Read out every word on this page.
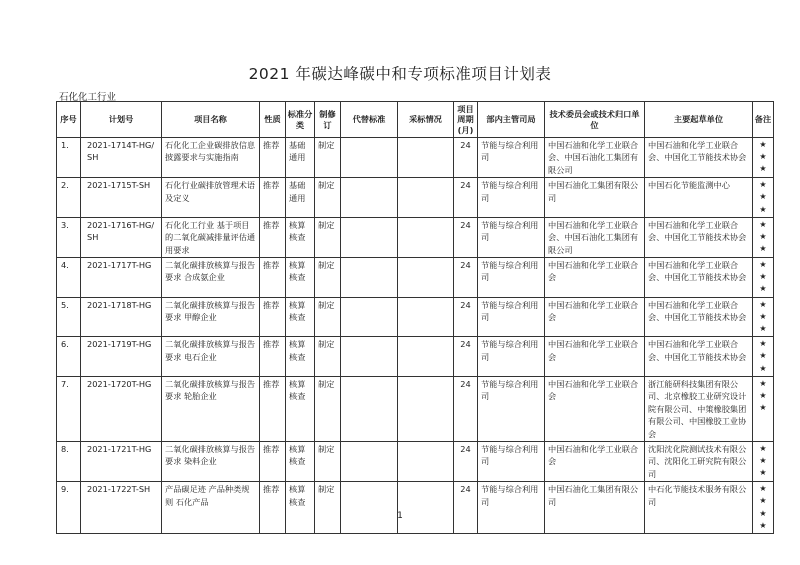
2021 年碳达峰碳中和专项标准项目计划表
石化化工行业
序号	计划号	项目名称	性质	标准分类	制修订	代替标准	采标情况	项目周期(月)	部内主管司局	技术委员会或技术归口单位	主要起草单位	备注
1.	2021-1714T-HG/SH	石化化工企业碳排放信息披露要求与实施指南	推荐	基础通用	制定			24	节能与综合利用司	中国石油和化学工业联合会、中国石油化工集团有限公司	中国石油和化学工业联合会、中国化工节能技术协会	★
★
★

2.	2021-1715T-SH	石化行业碳排放管理术语及定义	推荐	基础通用	制定			24	节能与综合利用司	中国石油化工集团有限公司	中国石化节能监测中心	★
★
★

3.	2021-1716T-HG/SH	石化化工行业 基于项目的二氧化碳减排量评估通用要求	推荐	核算核查	制定			24	节能与综合利用司	中国石油和化学工业联合会、中国石油化工集团有限公司	中国石油和化学工业联合会、中国化工节能技术协会	★
★
★

4.	2021-1717T-HG	二氧化碳排放核算与报告要求 合成氨企业	推荐	核算核查	制定			24	节能与综合利用司	中国石油和化学工业联合会	中国石油和化学工业联合会、中国化工节能技术协会	★
★
★

5.	2021-1718T-HG	二氧化碳排放核算与报告要求 甲醇企业	推荐	核算核查	制定			24	节能与综合利用司	中国石油和化学工业联合会	中国石油和化学工业联合会、中国化工节能技术协会	★
★
★

6.	2021-1719T-HG	二氧化碳排放核算与报告要求 电石企业	推荐	核算核查	制定			24	节能与综合利用司	中国石油和化学工业联合会	中国石油和化学工业联合会、中国化工节能技术协会	★
★
★

7.	2021-1720T-HG	二氧化碳排放核算与报告要求 轮胎企业	推荐	核算核查	制定			24	节能与综合利用司	中国石油和化学工业联合会	浙江能研科技集团有限公司、北京橡胶工业研究设计院有限公司、中策橡胶集团有限公司、中国橡胶工业协会	★
★
★

8.	2021-1721T-HG	二氧化碳排放核算与报告要求 染料企业	推荐	核算核查	制定			24	节能与综合利用司	中国石油和化学工业联合会	沈阳沈化院测试技术有限公司、沈阳化工研究院有限公司	★
★
★

9.	2021-1722T-SH	产品碳足迹 产品种类规则 石化产品	推荐	核算核查	制定			24	节能与综合利用司	中国石油化工集团有限公司	中石化节能技术服务有限公司	★
★
★
★
1
